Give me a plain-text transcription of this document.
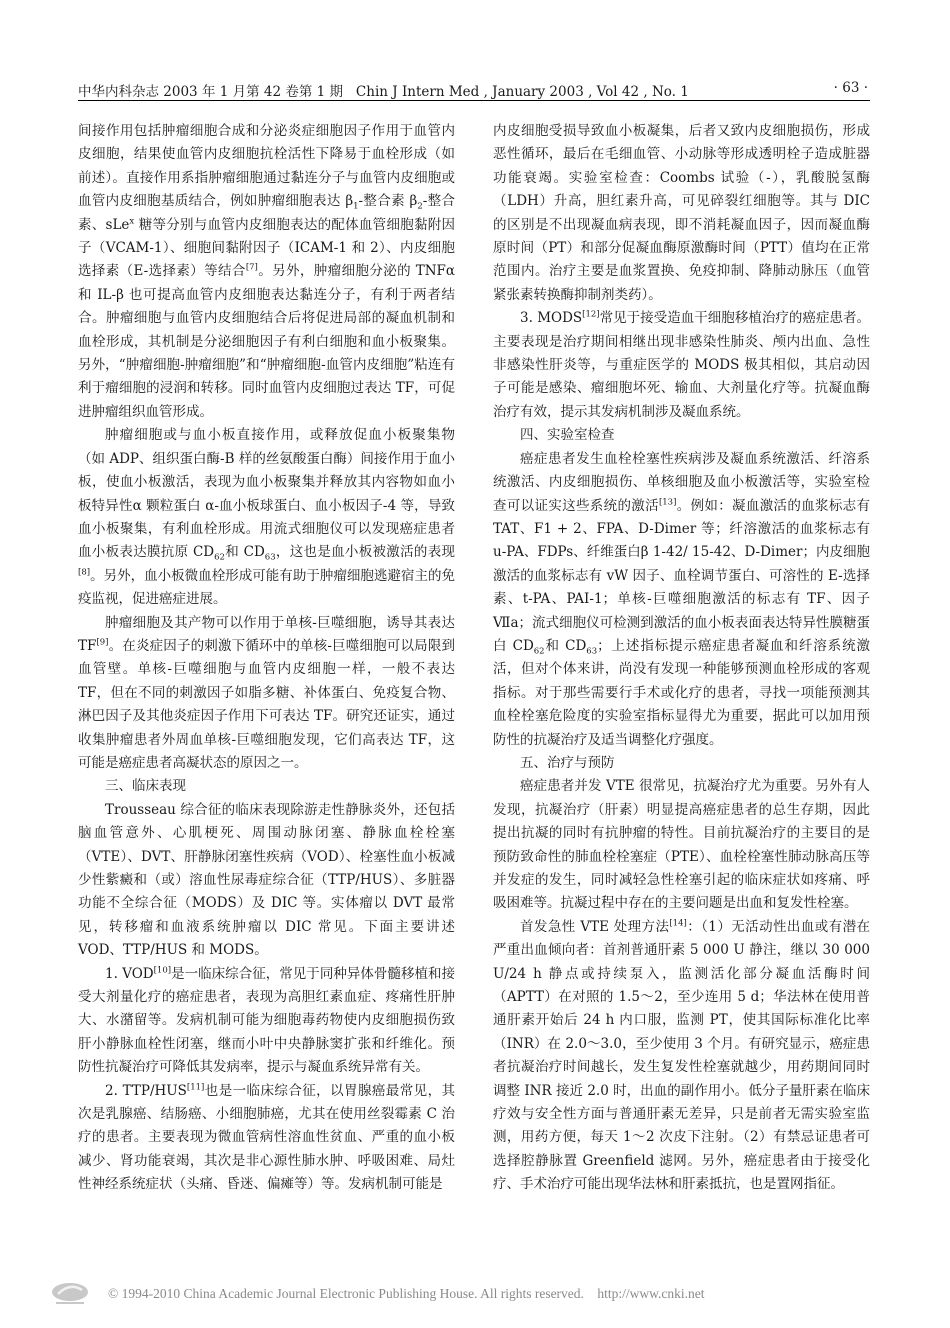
中华内科杂志 2003 年 1 月第 42 卷第 1 期 Chin J Intern Med , January 2003 , Vol 42 , No. 1	· 63 ·

间接作用包括肿瘤细胞合成和分泌炎症细胞因子作用于血管内皮细胞，结果使血管内皮细胞抗栓活性下降易于血栓形成（如前述）。直接作用系指肿瘤细胞通过黏连分子与血管内皮细胞或血管内皮细胞基质结合，例如肿瘤细胞表达 $\beta_1-$整合素 $\beta_2-$整合素、sLe$^x$ 糖等分别与血管内皮细胞表达的配体血管细胞黏附因子（VCAM-1）、细胞间黏附因子（ICAM-1 和 2）、内皮细胞选择素（E-选择素）等结合[7]。另外，肿瘤细胞分泌的 TNFα 和 IL-β 也可提高血管内皮细胞表达黏连分子，有利于两者结合。肿瘤细胞与血管内皮细胞结合后将促进局部的凝血机制和血栓形成，其机制是分泌细胞因子有利白细胞和血小板聚集。另外，“肿瘤细胞-肿瘤细胞”和“肿瘤细胞-血管内皮细胞”粘连有利于瘤细胞的浸润和转移。同时血管内皮细胞过表达 TF，可促进肿瘤组织血管形成。

肿瘤细胞或与血小板直接作用，或释放促血小板聚集物（如 ADP、组织蛋白酶-B 样的丝氨酸蛋白酶）间接作用于血小板，使血小板激活，表现为血小板聚集并释放其内容物如血小板特异性α 颗粒蛋白 α-血小板球蛋白、血小板因子-4 等，导致血小板聚集，有利血栓形成。用流式细胞仪可以发现癌症患者血小板表达膜抗原 $CD_{62}$和 $CD_{63}$，这也是血小板被激活的表现[8]。另外，血小板微血栓形成可能有助于肿瘤细胞逃避宿主的免疫监视，促进癌症进展。

肿瘤细胞及其产物可以作用于单核-巨噬细胞，诱导其表达 TF[9]。在炎症因子的刺激下循环中的单核-巨噬细胞可以局限到血管壁。单核-巨噬细胞与血管内皮细胞一样，一般不表达 TF，但在不同的刺激因子如脂多糖、补体蛋白、免疫复合物、淋巴因子及其他炎症因子作用下可表达 TF。研究还证实，通过收集肿瘤患者外周血单核-巨噬细胞发现，它们高表达 TF，这可能是癌症患者高凝状态的原因之一。

三、临床表现

Trousseau 综合征的临床表现除游走性静脉炎外，还包括脑血管意外、心肌梗死、周围动脉闭塞、静脉血栓栓塞（VTE）、DVT、肝静脉闭塞性疾病（VOD）、栓塞性血小板减少性紫癜和（或）溶血性尿毒症综合征（TTP/HUS）、多脏器功能不全综合征（MODS）及 DIC 等。实体瘤以 DVT 最常见，转移瘤和血液系统肿瘤以 DIC 常见。下面主要讲述 VOD、TTP/HUS 和 MODS。

1. VOD[10]是一临床综合征，常见于同种异体骨髓移植和接受大剂量化疗的癌症患者，表现为高胆红素血症、疼痛性肝肿大、水潴留等。发病机制可能为细胞毒药物使内皮细胞损伤致肝小静脉血栓性闭塞，继而小叶中央静脉窦扩张和纤维化。预防性抗凝治疗可降低其发病率，提示与凝血系统异常有关。

2. TTP/HUS[11]也是一临床综合征，以胃腺癌最常见，其次是乳腺癌、结肠癌、小细胞肺癌，尤其在使用丝裂霉素 C 治疗的患者。主要表现为微血管病性溶血性贫血、严重的血小板减少、肾功能衰竭，其次是非心源性肺水肿、呼吸困难、局灶性神经系统症状（头痛、昏迷、偏瘫等）等。发病机制可能是

内皮细胞受损导致血小板凝集，后者又致内皮细胞损伤，形成恶性循环，最后在毛细血管、小动脉等形成透明栓子造成脏器功能衰竭。实验室检查：Coombs 试验（-），乳酸脱氢酶（LDH）升高，胆红素升高，可见碎裂红细胞等。其与 DIC 的区别是不出现凝血病表现，即不消耗凝血因子，因而凝血酶原时间（PT）和部分促凝血酶原激酶时间（PTT）值均在正常范围内。治疗主要是血浆置换、免疫抑制、降肺动脉压（血管紧张素转换酶抑制剂类药）。

3. MODS[12]常见于接受造血干细胞移植治疗的癌症患者。主要表现是治疗期间相继出现非感染性肺炎、颅内出血、急性非感染性肝炎等，与重症医学的 MODS 极其相似，其启动因子可能是感染、瘤细胞坏死、输血、大剂量化疗等。抗凝血酶治疗有效，提示其发病机制涉及凝血系统。

四、实验室检查

癌症患者发生血栓栓塞性疾病涉及凝血系统激活、纤溶系统激活、内皮细胞损伤、单核细胞及血小板激活等，实验室检查可以证实这些系统的激活[13]。例如：凝血激活的血浆标志有 TAT、F1 + 2、FPA、D-Dimer 等；纤溶激活的血浆标志有 u-PA、FDPs、纤维蛋白β 1-42/ 15-42、D-Dimer；内皮细胞激活的血浆标志有 vW 因子、血栓调节蛋白、可溶性的 E-选择素、t-PA、PAI-1；单核-巨噬细胞激活的标志有 TF、因子 Ⅶa；流式细胞仪可检测到激活的血小板表面表达特异性膜糖蛋白 $CD_{62}$和 $CD_{63}$；上述指标提示癌症患者凝血和纤溶系统激活，但对个体来讲，尚没有发现一种能够预测血栓形成的客观指标。对于那些需要行手术或化疗的患者，寻找一项能预测其血栓栓塞危险度的实验室指标显得尤为重要，据此可以加用预防性的抗凝治疗及适当调整化疗强度。

五、治疗与预防

癌症患者并发 VTE 很常见，抗凝治疗尤为重要。另外有人发现，抗凝治疗（肝素）明显提高癌症患者的总生存期，因此提出抗凝的同时有抗肿瘤的特性。目前抗凝治疗的主要目的是预防致命性的肺血栓栓塞症（PTE）、血栓栓塞性肺动脉高压等并发症的发生，同时减轻急性栓塞引起的临床症状如疼痛、呼吸困难等。抗凝过程中存在的主要问题是出血和复发性栓塞。

首发急性 VTE 处理方法[14]：（1）无活动性出血或有潜在严重出血倾向者：首剂普通肝素 5 000 U 静注，继以 30 000 U/24 h 静点或持续泵入，监测活化部分凝血活酶时间（APTT）在对照的 1.5～2，至少连用 5 d；华法林在使用普通肝素开始后 24 h 内口服，监测 PT，使其国际标准化比率（INR）在 2.0～3.0，至少使用 3 个月。有研究显示，癌症患者抗凝治疗时间越长，发生复发性栓塞就越少，用药期间同时调整 INR 接近 2.0 时，出血的副作用小。低分子量肝素在临床疗效与安全性方面与普通肝素无差异，只是前者无需实验室监测，用药方便，每天 1～2 次皮下注射。（2）有禁忌证患者可选择腔静脉置 Greenfield 滤网。另外，癌症患者由于接受化疗、手术治疗可能出现华法林和肝素抵抗，也是置网指征。

© 1994-2010 China Academic Journal Electronic Publishing House. All rights reserved.    http://www.cnki.net
